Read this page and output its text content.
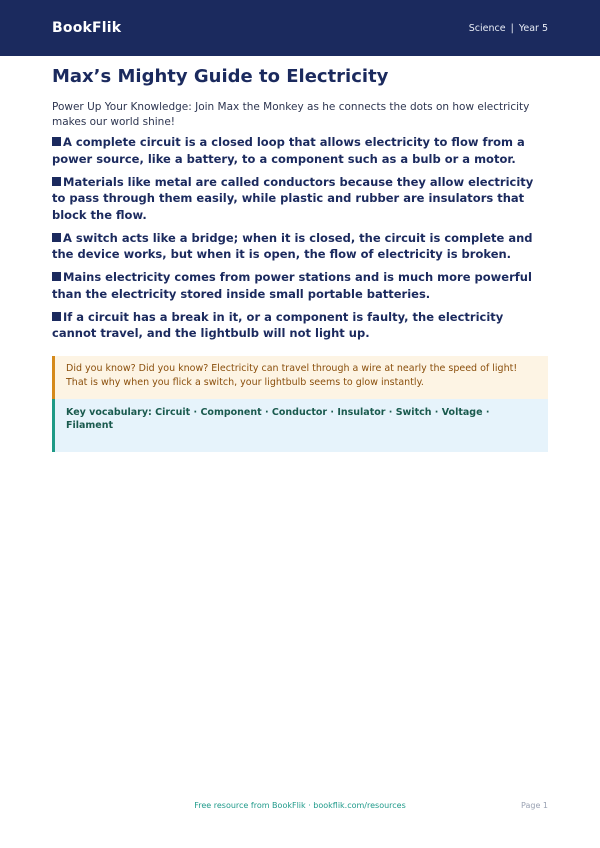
BookFlik	Science | Year 5
Max’s Mighty Guide to Electricity

Power Up Your Knowledge: Join Max the Monkey as he connects the dots on how electricity makes our world shine!

A complete circuit is a closed loop that allows electricity to flow from a power source, like a battery, to a component such as a bulb or a motor.
Materials like metal are called conductors because they allow electricity to pass through them easily, while plastic and rubber are insulators that block the flow.
A switch acts like a bridge; when it is closed, the circuit is complete and the device works, but when it is open, the flow of electricity is broken.
Mains electricity comes from power stations and is much more powerful than the electricity stored inside small portable batteries.
If a circuit has a break in it, or a component is faulty, the electricity cannot travel, and the lightbulb will not light up.
Did you know? Did you know? Electricity can travel through a wire at nearly the speed of light! That is why when you flick a switch, your lightbulb seems to glow instantly.
Key vocabulary: Circuit · Component · Conductor · Insulator · Switch · Voltage · Filament
Free resource from BookFlik · bookflik.com/resources	Page 1
